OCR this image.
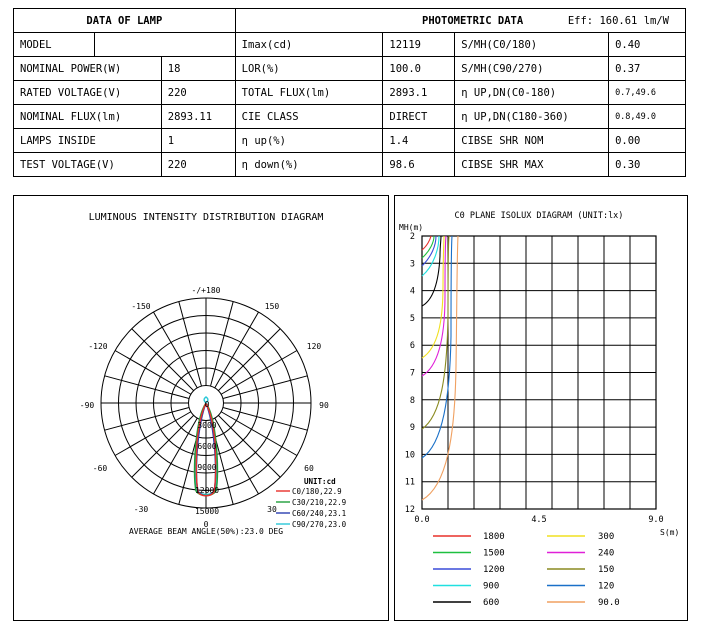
DATA OF LAMP			PHOTOMETRIC DATA Eff: 160.61 lm/W			
MODEL			Imax(cd)	12119	S/MH(C0/180)	0.40
NOMINAL POWER(W)		18	LOR(%)	100.0	S/MH(C90/270)	0.37
RATED VOLTAGE(V)		220	TOTAL FLUX(lm)	2893.1	η UP,DN(C0-180)	0.7,49.6
NOMINAL FLUX(lm)		2893.11	CIE CLASS	DIRECT	η UP,DN(C180-360)	0.8,49.0
LAMPS INSIDE		1	η up(%)	1.4	CIBSE SHR NOM	0.00
TEST VOLTAGE(V)		220	η down(%)	98.6	CIBSE SHR MAX	0.30
LUMINOUS INTENSITY DISTRIBUTION DIAGRAM
-/+180
-150	150
-120	120
-90	90
-60	60
-30	30
0
0
3000
6000
9000
12000
15000
UNIT:cd
C0/180,22.9
C30/210,22.9
C60/240,23.1
C90/270,23.0
AVERAGE BEAM ANGLE(50%):23.0 DEG
C0 PLANE ISOLUX DIAGRAM (UNIT:lx)
MH(m)
2
3
4
5
6
7
8
9
10
11
12
0.0	4.5	9.0
S(m)
1800
1500
1200
900
600
300
240
150
120
90.0
